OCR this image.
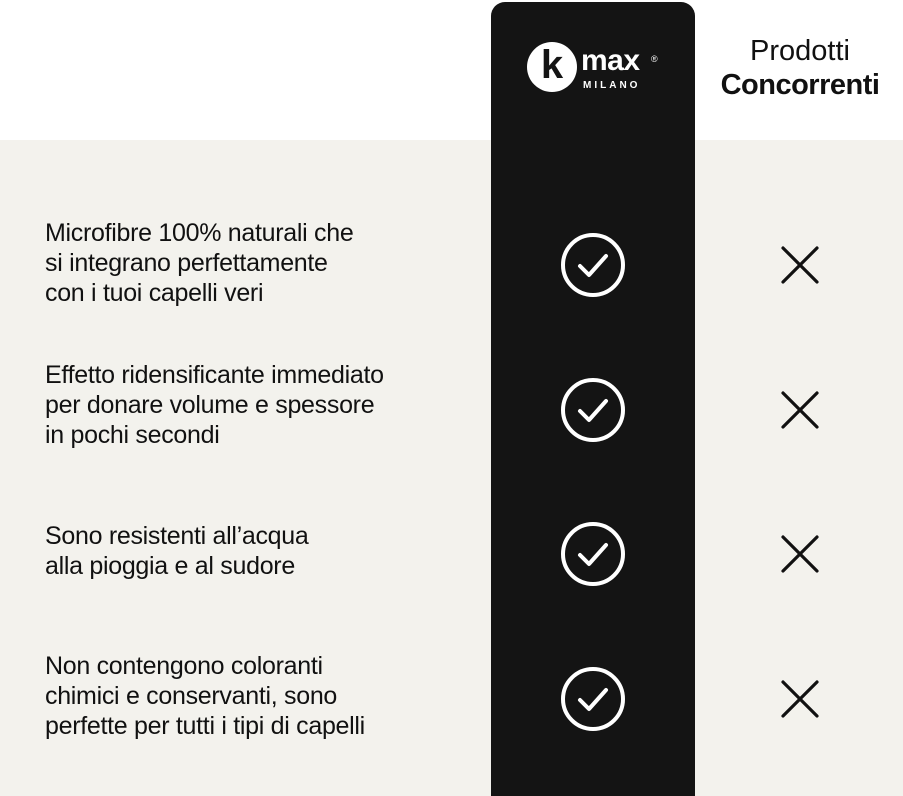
k max ®
MILANO
Prodotti
Concorrenti
Microfibre 100% naturali che
si integrano perfettamente
con i tuoi capelli veri
Effetto ridensificante immediato
per donare volume e spessore
in pochi secondi
Sono resistenti all’acqua
alla pioggia e al sudore
Non contengono coloranti
chimici e conservanti, sono
perfette per tutti i tipi di capelli
